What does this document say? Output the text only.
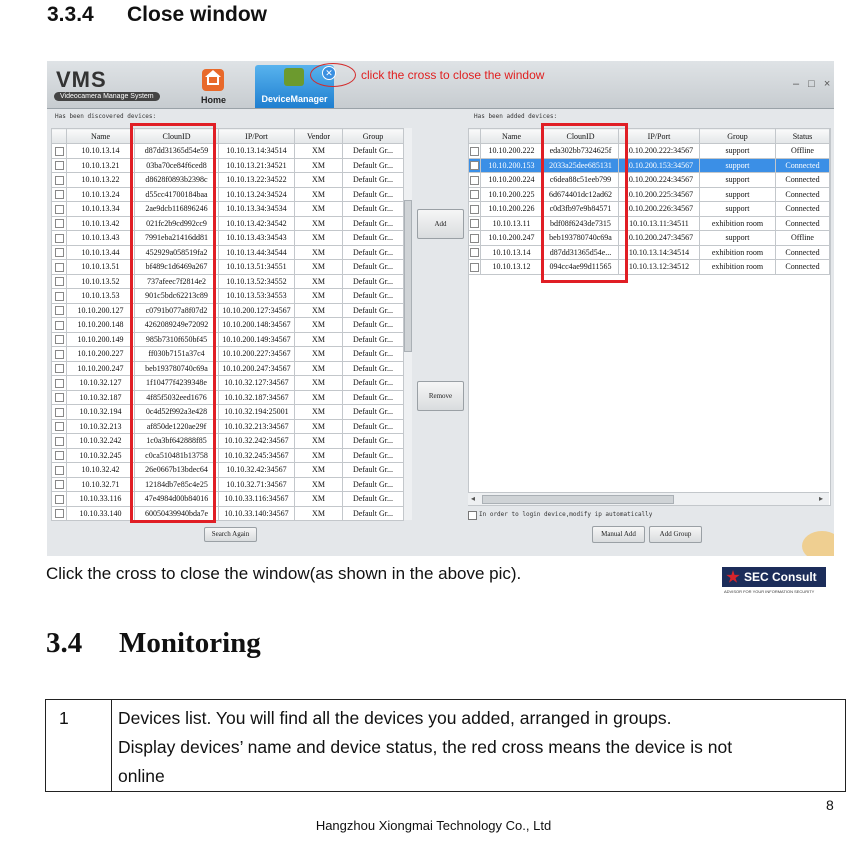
3.3.4 Close window
VMS
Videocamera Manage System	Home	DeviceManager
✕ click the cross to close the window
– □ ×
Has been discovered devices:
	Name	ClounID	IP/Port	Vendor	Group
	10.10.13.14	d87dd31365d54e59	10.10.13.14:34514	XM	Default Gr...
	10.10.13.21	03ba70ce84f6ced8	10.10.13.21:34521	XM	Default Gr...
	10.10.13.22	d8628f0893b2398c	10.10.13.22:34522	XM	Default Gr...
	10.10.13.24	d55cc41700184baa	10.10.13.24:34524	XM	Default Gr...
	10.10.13.34	2ae9dcb116896246	10.10.13.34:34534	XM	Default Gr...
	10.10.13.42	021fc2b9cd992cc9	10.10.13.42:34542	XM	Default Gr...
	10.10.13.43	7991eba21416dd81	10.10.13.43:34543	XM	Default Gr...
	10.10.13.44	452929a058519fa2	10.10.13.44:34544	XM	Default Gr...
	10.10.13.51	bf489c1d6469a267	10.10.13.51:34551	XM	Default Gr...
	10.10.13.52	737afeec7f2814e2	10.10.13.52:34552	XM	Default Gr...
	10.10.13.53	901c5bdc62213c89	10.10.13.53:34553	XM	Default Gr...
	10.10.200.127	c0791b077a8f07d2	10.10.200.127:34567	XM	Default Gr...
	10.10.200.148	4262089249e72092	10.10.200.148:34567	XM	Default Gr...
	10.10.200.149	985b7310f650bf45	10.10.200.149:34567	XM	Default Gr...
	10.10.200.227	ff030b7151a37c4	10.10.200.227:34567	XM	Default Gr...
	10.10.200.247	beb193780740c69a	10.10.200.247:34567	XM	Default Gr...
	10.10.32.127	1f10477f4239348e	10.10.32.127:34567	XM	Default Gr...
	10.10.32.187	4f85f5032eed1676	10.10.32.187:34567	XM	Default Gr...
	10.10.32.194	0c4d52f992a3e428	10.10.32.194:25001	XM	Default Gr...
	10.10.32.213	af850de1220ae29f	10.10.32.213:34567	XM	Default Gr...
	10.10.32.242	1c0a3bf642888f85	10.10.32.242:34567	XM	Default Gr...
	10.10.32.245	c0ca510481b13758	10.10.32.245:34567	XM	Default Gr...
	10.10.32.42	26e0667b13bdec64	10.10.32.42:34567	XM	Default Gr...
	10.10.32.71	12184db7e85c4e25	10.10.32.71:34567	XM	Default Gr...
	10.10.33.116	47e4984d00b84016	10.10.33.116:34567	XM	Default Gr...
	10.10.33.140	60050439940bda7e	10.10.33.140:34567	XM	Default Gr...
Search Again
Add
Remove
Has been added devices:
	Name	ClounID	IP/Port	Group	Status
	10.10.200.222	eda302bb7324625f	10.10.200.222:34567	support	Offline
	10.10.200.153	2033a25dee685131	10.10.200.153:34567	support	Connected
	10.10.200.224	c6dea88c51eeb799	10.10.200.224:34567	support	Connected
	10.10.200.225	6d674401dc12ad62	10.10.200.225:34567	support	Connected
	10.10.200.226	c0d3fb97e9b84571	10.10.200.226:34567	support	Connected
	10.10.13.11	bdf08f6243de7315	10.10.13.11:34511	exhibition room	Connected
	10.10.200.247	beb193780740c69a	10.10.200.247:34567	support	Offline
	10.10.13.14	d87dd31365d54e...	10.10.13.14:34514	exhibition room	Connected
	10.10.13.12	094cc4ae99d11565	10.10.13.12:34512	exhibition room	Connected
◂	▸
In order to login device,modify ip automatically
Manual Add	Add Group
Click the cross to close the window(as shown in the above pic).	SEC Consult
ADVISOR FOR YOUR INFORMATION SECURITY
3.4 Monitoring
1	Devices list. You will find all the devices you added, arranged in groups.
Display devices’ name and device status, the red cross means the device is not
online
8
Hangzhou Xiongmai Technology Co., Ltd
